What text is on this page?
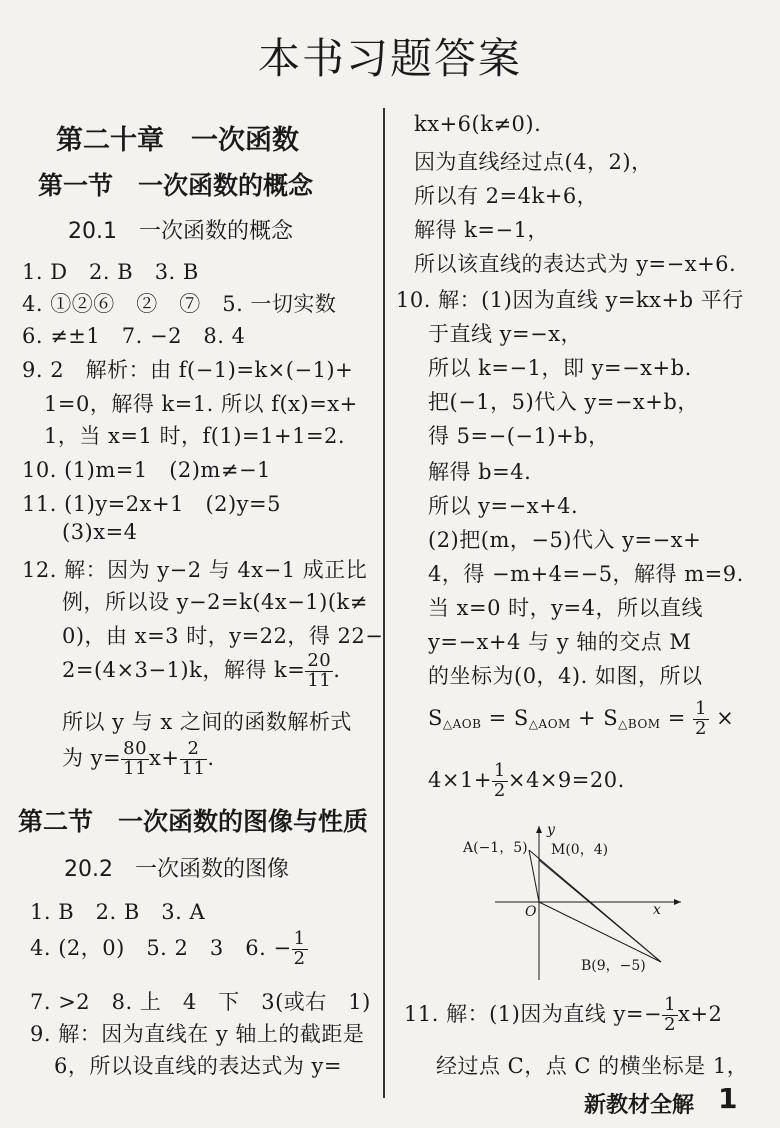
本书习题答案
第二十章　一次函数
第一节　一次函数的概念
20.1　一次函数的概念
1. D　2. B　3. B
4. ①②⑥　②　⑦　5. 一切实数
6. ≠±1　7. −2　8. 4
9. 2　解析：由 f(−1)=k×(−1)+
1=0，解得 k=1. 所以 f(x)=x+
1，当 x=1 时，f(1)=1+1=2.
10. (1)m=1　(2)m≠−1
11. (1)y=2x+1　(2)y=5
(3)x=4
12. 解：因为 y−2 与 4x−1 成正比
例，所以设 y−2=k(4x−1)(k≠
0)，由 x=3 时，y=22，得 22−
2=(4×3−1)k，解得 $k= \frac{20}{11}$ .
所以 y 与 x 之间的函数解析式
为 $y= \frac{80}{11} x+ \frac{2}{11}$ .
第二节　一次函数的图像与性质
20.2　一次函数的图像
1. B　2. B　3. A
4. (2，0)　5. 2　3　6. − $\frac{1}{2}$
7. >2　8. 上　4　下　3(或右　1)
9. 解：因为直线在 y 轴上的截距是
6，所以设直线的表达式为 y=
kx+6(k≠0).
因为直线经过点(4，2)，
所以有 2=4k+6，
解得 k=−1，
所以该直线的表达式为 y=−x+6.
10. 解：(1)因为直线 y=kx+b 平行
于直线 y=−x，
所以 k=−1，即 y=−x+b.
把(−1，5)代入 y=−x+b，
得 5=−(−1)+b，
解得 b=4.
所以 y=−x+4.
(2)把(m，−5)代入 y=−x+
4，得 −m+4=−5，解得 m=9.
当 x=0 时，y=4，所以直线
y=−x+4 与 y 轴的交点 M
的坐标为(0，4). 如图，所以
$S_{\triangle AOB} = S_{\triangle AOM} + S_{\triangle BOM} = \frac{1}{2}$ ×
$4\times 1+ \frac{1}{2} \times 4\times 9=20$.
A(−1，5) M(0，4)
B(9，−5)
O	x
y
11. 解：(1)因为直线 $y=- \frac{1}{2} x+2$
经过点 C，点 C 的横坐标是 1，
新教材全解 1
